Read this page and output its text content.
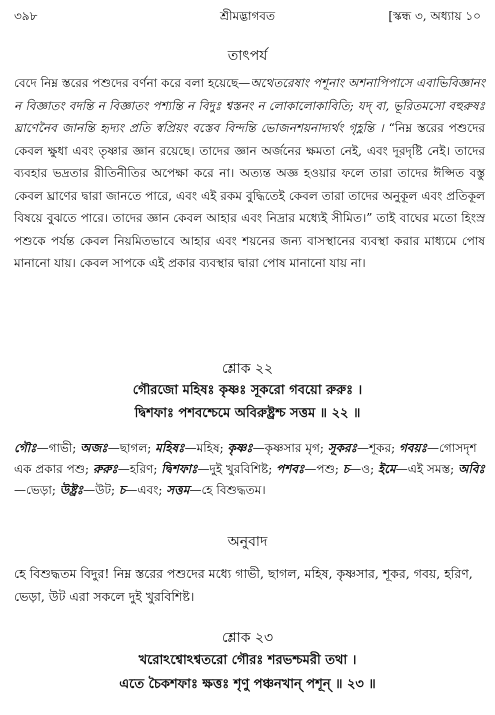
৩৯৮	শ্রীমদ্ভাগবত	[স্কন্ধ ৩, অধ্যায় ১০
তাৎপর্য
বেদে নিম্ন স্তরের পশুদের বর্ণনা করে বলা হয়েছে—অথেতরেষাং পশূনাং অশনাপিপাসে এবাভিবিজ্ঞানং ন বিজ্ঞাতং বদন্তি ন বিজ্ঞাতং পশ্যন্তি ন বিদুঃ শ্বস্তনং ন লোকালোকাবিতি; যদ্ বা, ভূরিতমসো বহুরুষঃ ঘ্রাণেনৈব জানন্তি হৃদ্যং প্রতি স্বপ্রিয়ং বস্তেব বিন্দন্তি ভোজনশয়নাদ্যর্থং গৃহ্ণন্তি । “নিম্ন স্তরের পশুদের কেবল ক্ষুধা এবং তৃষ্ণার জ্ঞান রয়েছে। তাদের জ্ঞান অর্জনের ক্ষমতা নেই, এবং দূরদৃষ্টি নেই। তাদের ব্যবহার ভদ্রতার রীতিনীতির অপেক্ষা করে না। অত্যন্ত অজ্ঞ হওয়ার ফলে তারা তাদের ঈপ্সিত বস্তু কেবল ঘ্রাণের দ্বারা জানতে পারে, এবং এই রকম বুদ্ধিতেই কেবল তারা তাদের অনুকূল এবং প্রতিকূল বিষয়ে বুঝতে পারে। তাদের জ্ঞান কেবল আহার এবং নিদ্রার মধ্যেই সীমিত।” তাই বাঘের মতো হিংস্র পশুকে পর্যন্ত কেবল নিয়মিতভাবে আহার এবং শয়নের জন্য বাসস্থানের ব্যবস্থা করার মাধ্যমে পোষ মানানো যায়। কেবল সাপকে এই প্রকার ব্যবস্থার দ্বারা পোষ মানানো যায় না।
শ্লোক ২২
গৌরজো মহিষঃ কৃষ্ণঃ সূকরো গবয়ো রুরুঃ ।
দ্বিশফাঃ পশবশ্চেমে অবিরুষ্ট্রশ্চ সত্তম ॥ ২২ ॥
গৌঃ—গাভী; অজঃ—ছাগল; মহিষঃ—মহিষ; কৃষ্ণঃ—কৃষ্ণসার মৃগ; সূকরঃ—শূকর; গবয়ঃ—গোসদৃশ এক প্রকার পশু; রুরুঃ—হরিণ; দ্বিশফাঃ—দুই খুরবিশিষ্ট; পশবঃ—পশু; চ—ও; ইমে—এই সমস্ত; অবিঃ—ভেড়া; উষ্ট্রঃ—উট; চ—এবং; সত্তম—হে বিশুদ্ধতম।
অনুবাদ
হে বিশুদ্ধতম বিদুর! নিম্ন স্তরের পশুদের মধ্যে গাভী, ছাগল, মহিষ, কৃষ্ণসার, শূকর, গবয়, হরিণ, ভেড়া, উট এরা সকলে দুই খুরবিশিষ্ট।
শ্লোক ২৩
খরোঽশ্বোঽশ্বতরো গৌরঃ শরভশ্চমরী তথা ।
এতে চৈকশফাঃ ক্ষত্তঃ শৃণু পঞ্চনখান্ পশূন্ ॥ ২৩ ॥
